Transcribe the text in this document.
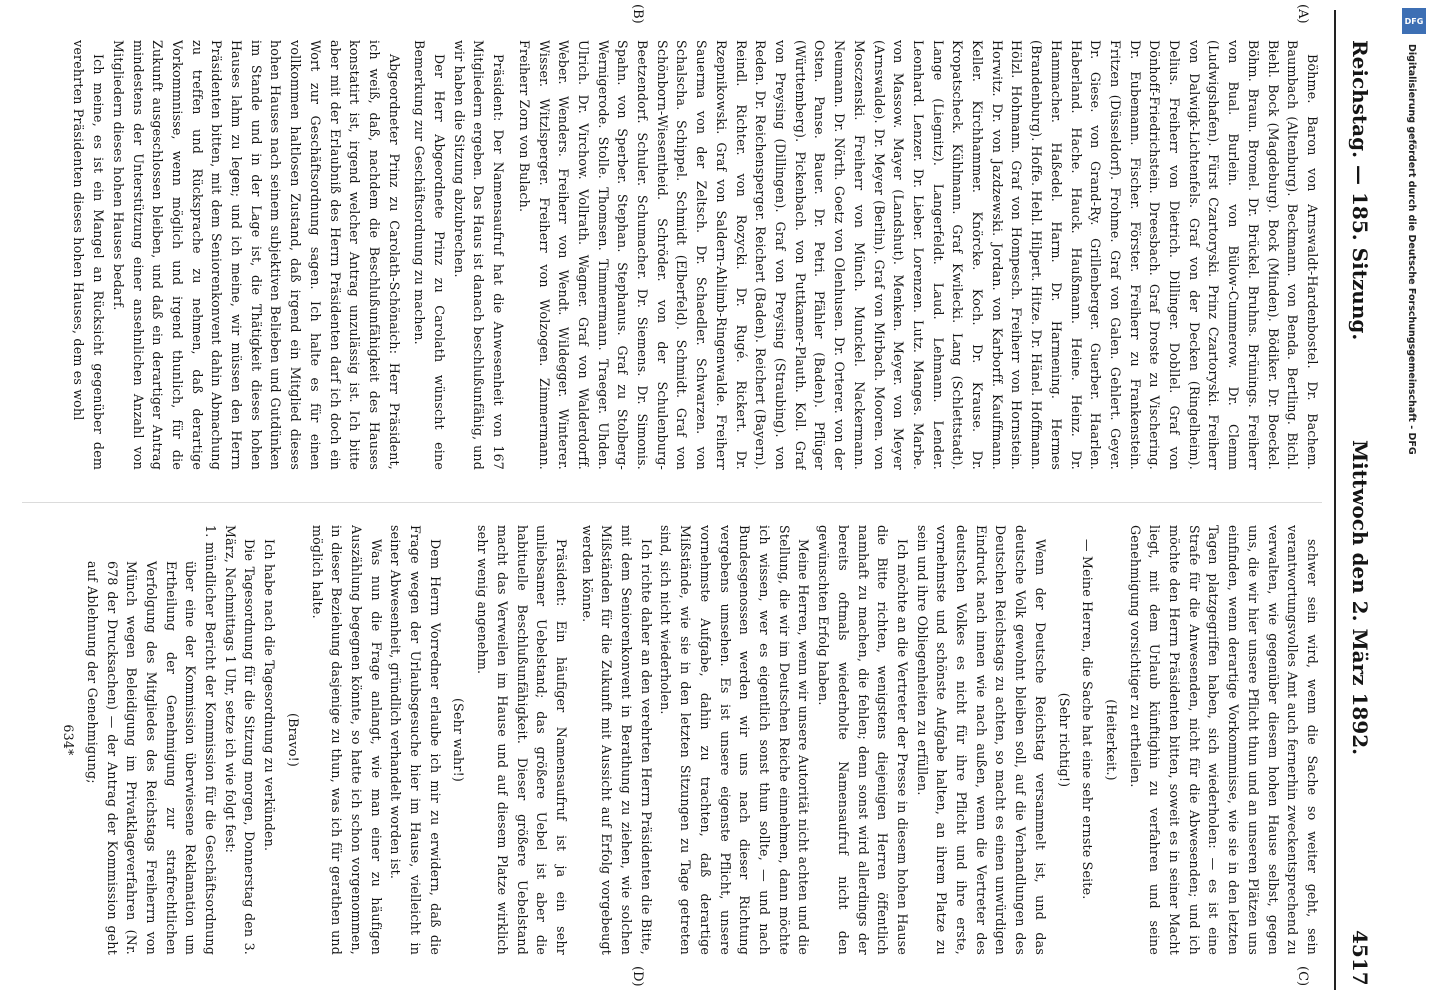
Reichstag. — 185. Sitzung.
Mittwoch den 2. März 1892.
4517
(A)
(B)
(C)
(D)

Böhme. Baron von Arnswaldt-Hardenbostel. Dr. Bachem. Baumbach (Altenburg). Beckmann. von Benda. Bertling. Bichl. Biehl. Bock (Magdeburg). Bock (Minden). Bödiker. Dr. Boeckel. Böhm. Braun. Bromel. Dr. Brückel. Bruhns. Brünings. Freiherr von Bual. Burlein. von Bülow-Cummerow. Dr. Clemm (Ludwigshafen). Fürst Czartoryski. Prinz Czartoryski. Freiherr von Dalwigk-Lichtenfels. Graf von der Decken (Ringelheim). Delius. Freiherr von Dietrich. Dillinger. Dobllel. Graf von Dönhoff-Friedrichstein. Dreesbach. Graf Droste zu Vischering. Dr. Eubemann. Fischer. Förster. Freiherr zu Frankenstein. Fritzen (Düsseldorf). Frohme. Graf von Galen. Gehlert. Geyer. Dr. Giese. von Grand-Ry. Grillenberger. Guerber. Haarlen. Haberland. Hache. Hauck. Haußmann. Heine. Heinz. Dr. Hammacher. Haßedel. Harm. Dr. Harmening. Hermes (Brandenburg). Hoffe. Hehl. Hilpert. Hitze. Dr. Hänel. Hoffmann. Hölzl. Hohmann. Graf von Hompesch. Freiherr von Hornstein. Horwitz. Dr. von Jazdzewski. Jordan. von Karborff. Kauffmann. Keller. Kirchhammer. Knörcke. Koch. Dr. Krause. Dr. Kropatscheck. Kühlmann. Graf Kwilecki. Lang (Schlettstadt). Lange (Liegnitz). Langerfeldt. Laud. Lehmann. Lender. Leonhard. Lenzer. Dr. Lieber. Lorenzen. Lutz. Manges. Marbe. von Massow. Mayer (Landshut). Menken. Meyer. von Meyer (Arnswalde). Dr. Meyer (Berlin). Graf von Mirbach. Mooren. von Mosczenski. Freiherr von Münch. Munckel. Nackermann. Neumann. Dr. Nörth. Goetz von Olenhusen. Dr. Orterer. von der Osten. Panse. Bauer. Dr. Petri. Pfähler (Baden). Pflüger (Württemberg). Pickenbach. von Puttkamer-Plauth. Koll. Graf von Preysing (Dillingen). Graf von Preysing (Straubing). von Reden. Dr. Reichensperger. Reichert (Baden). Reichert (Bayern). Reindl. Richter. von Rozycki. Dr. Rugé. Rickert. Dr. Rzepnikowski. Graf von Saldern-Ahlimb-Ringenwalde. Freiherr Sauerma von der Zeltsch. Dr. Schaedler. Schwarzen. von Schalscha. Schippel. Schmidt (Elberfeld). Schmidt. Graf von Schönborn-Wiesentheid. Schröder. von der Schulenburg-Beetzendorf. Schuler. Schumacher. Dr. Siemens. Dr. Simonis. Spahn. von Sperber. Stephan. Stephanus. Graf zu Stolberg-Wernigerode. Stolle. Thomsen. Timmermann. Traeger. Uhden. Ulrich. Dr. Virchow. Vollrath. Wagner. Graf von Walderdorff. Weber. Wenders. Freiherr von Wendt. Wildegger. Winterer. Wisser. Witzlsperger. Freiherr von Wolzogen. Zimmermann. Freiherr Zorn von Bulach.

Präsident: Der Namensaufruf hat die Anwesenheit von 167 Mitgliedern ergeben. Das Haus ist danach beschlußunfähig, und wir haben die Sitzung abzubrechen.

Der Herr Abgeordnete Prinz zu Carolath wünscht eine Bemerkung zur Geschäftsordnung zu machen.

Abgeordneter Prinz zu Carolath-Schönaich: Herr Präsident, ich weiß, daß, nachdem die Beschlußunfähigkeit des Hauses konstatirt ist, irgend welcher Antrag unzulässig ist. Ich bitte aber mit der Erlaubniß des Herrn Präsidenten darf ich doch ein Wort zur Geschäftsordnung sagen. Ich halte es für einen vollkommen haltlosen Zustand, daß irgend ein Mitglied dieses hohen Hauses nach seinem subjektiven Belieben und Gutdünken im Stande und in der Lage ist, die Thätigkeit dieses hohen Hauses lahm zu legen; und ich meine, wir müssen den Herrn Präsidenten bitten, mit dem Seniorenkonvent dahin Abmachung zu treffen und Rücksprache zu nehmen, daß derartige Vorkommnisse, wenn möglich und irgend thunlich, für die Zukunft ausgeschlossen bleiben, und daß ein derartiger Antrag mindestens der Unterstützung einer ansehnlichen Anzahl von Mitgliedern dieses hohen Hauses bedarf.

Ich meine, es ist ein Mangel an Rücksicht gegenüber dem verehrten Präsidenten dieses hohen Hauses, dem es wohl

schwer sein wird, wenn die Sache so weiter geht, sein verantwortungsvolles Amt auch fernerhin zweckentsprechend zu verwalten, wie gegenüber diesem hohen Hause selbst, gegen uns, die wir hier unsere Pflicht thun und an unseren Plätzen uns einfinden, wenn derartige Vorkommnisse, wie sie in den letzten Tagen platzgegriffen haben, sich wiederholen: — es ist eine Strafe für die Anwesenden, nicht für die Abwesenden; und ich möchte den Herrn Präsidenten bitten, soweit es in seiner Macht liegt, mit dem Urlaub künftighin zu verfahren und seine Genehmigung vorsichtiger zu ertheilen.

(Heiterkeit.)

— Meine Herren, die Sache hat eine sehr ernste Seite.

(Sehr richtig!)

Wenn der Deutsche Reichstag versammelt ist, und das deutsche Volk gewohnt bleiben soll, auf die Verhandlungen des Deutschen Reichstags zu achten, so macht es einen unwürdigen Eindruck nach innen wie nach außen, wenn die Vertreter des deutschen Volkes es nicht für ihre Pflicht und ihre erste, vornehmste und schönste Aufgabe halten, an ihrem Platze zu sein und ihre Obliegenheiten zu erfüllen.

Ich möchte an die Vertreter der Presse in diesem hohen Hause die Bitte richten, wenigstens diejenigen Herren öffentlich namhaft zu machen, die fehlen; denn sonst wird allerdings der bereits oftmals wiederholte Namensaufruf nicht den gewünschten Erfolg haben.

Meine Herren, wenn wir unsere Autorität nicht achten und die Stellung, die wir im Deutschen Reiche einnehmen, dann möchte ich wissen, wer es eigentlich sonst thun sollte, — und nach Bundesgenossen werden wir uns nach dieser Richtung vergebens umsehen. Es ist unsere eigenste Pflicht, unsere vornehmste Aufgabe, dahin zu trachten, daß derartige Mißstände, wie sie in den letzten Sitzungen zu Tage getreten sind, sich nicht wiederholen.

Ich richte daher an den verehrten Herrn Präsidenten die Bitte, mit dem Seniorenkonvent in Berathung zu ziehen, wie solchen Mißständen für die Zukunft mit Aussicht auf Erfolg vorgebeugt werden könne.

Präsident: Ein häufiger Namensaufruf ist ja ein sehr unliebsamer Uebelstand; das größere Uebel ist aber die habituelle Beschlußunfähigkeit. Dieser größere Uebelstand macht das Verweilen im Hause und auf diesem Platze wirklich sehr wenig angenehm.

(Sehr wahr!)

Dem Herrn Vorredner erlaube ich mir zu erwidern, daß die Frage wegen der Urlaubsgesuche hier im Hause, vielleicht in seiner Abwesenheit, gründlich verhandelt worden ist.

Was nun die Frage anlangt, wie man einer zu häufigen Auszählung begegnen könnte, so hatte ich schon vorgenommen, in dieser Beziehung dasjenige zu thun, was ich für gerathen und möglich halte.

(Bravo!)

Ich habe nach die Tagesordnung zu verkünden.

Die Tagesordnung für die Sitzung morgen, Donnerstag den 3. März, Nachmittags 1 Uhr, setze ich wie folgt fest:

1. mündlicher Bericht der Kommission für die Geschäftsordnung über eine der Kommission überwiesene Reklamation um Ertheilung der Genehmigung zur strafrechtlichen Verfolgung des Mitgliedes des Reichstags Freiherrn von Münch wegen Beleidigung im Privatklageverfahren (Nr. 678 der Drucksachen) — der Antrag der Kommission geht auf Ablehnung der Genehmigung;

634*

DFG
Digitalisierung gefördert durch die Deutsche Forschungsgemeinschaft - DFG
